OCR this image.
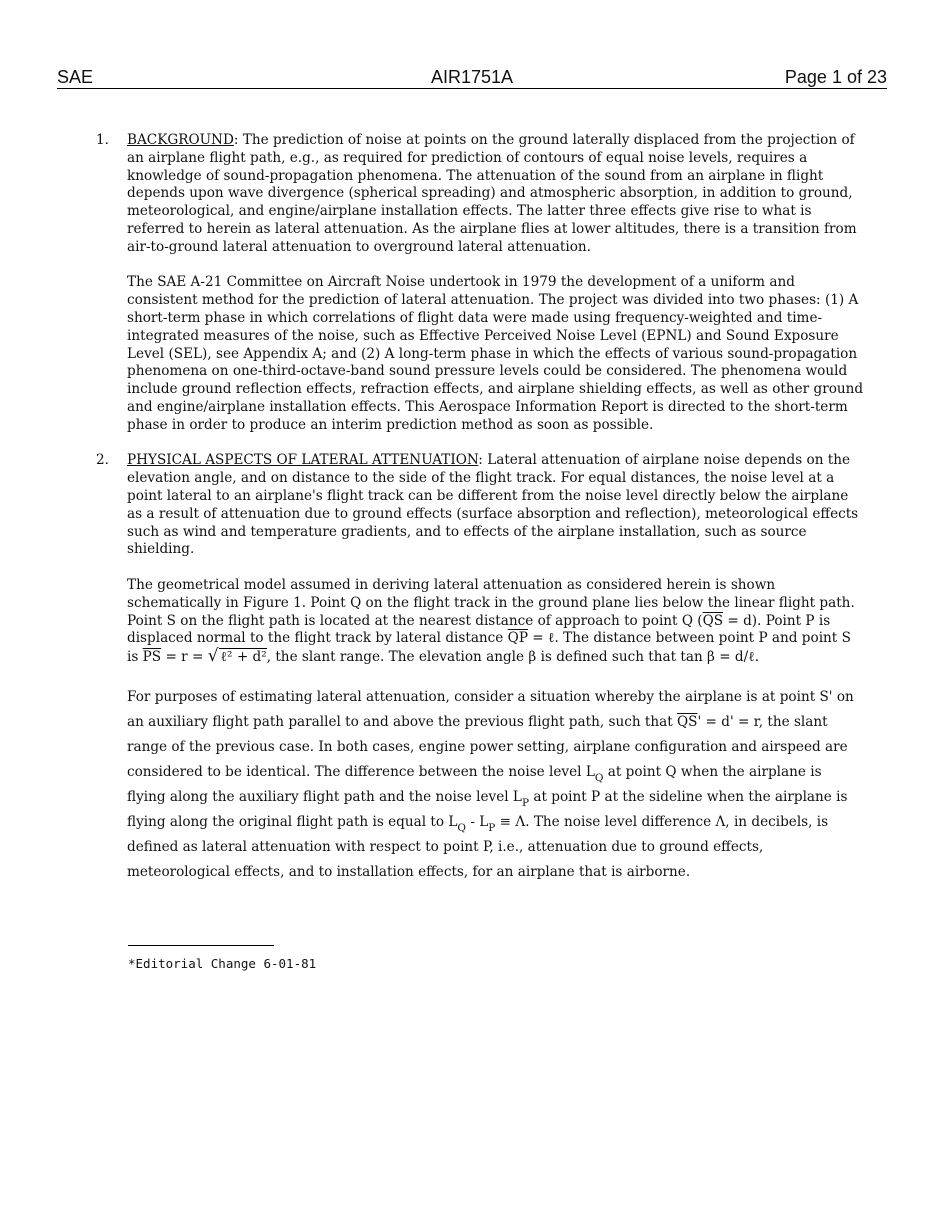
SAE	AIR1751A	Page 1 of 23
1. BACKGROUND: The prediction of noise at points on the ground laterally displaced from the projection of an airplane flight path, e.g., as required for prediction of contours of equal noise levels, requires a knowledge of sound-propagation phenomena. The attenuation of the sound from an airplane in flight depends upon wave divergence (spherical spreading) and atmospheric absorption, in addition to ground, meteorological, and engine/airplane installation effects. The latter three effects give rise to what is referred to herein as lateral attenuation. As the airplane flies at lower altitudes, there is a transition from air-to-ground lateral attenuation to overground lateral attenuation.

The SAE A-21 Committee on Aircraft Noise undertook in 1979 the development of a uniform and consistent method for the prediction of lateral attenuation. The project was divided into two phases: (1) A short-term phase in which correlations of flight data were made using frequency-weighted and time-integrated measures of the noise, such as Effective Perceived Noise Level (EPNL) and Sound Exposure Level (SEL), see Appendix A; and (2) A long-term phase in which the effects of various sound-propagation phenomena on one-third-octave-band sound pressure levels could be considered. The phenomena would include ground reflection effects, refraction effects, and airplane shielding effects, as well as other ground and engine/airplane installation effects. This Aerospace Information Report is directed to the short-term phase in order to produce an interim prediction method as soon as possible.

2. PHYSICAL ASPECTS OF LATERAL ATTENUATION: Lateral attenuation of airplane noise depends on the elevation angle, and on distance to the side of the flight track. For equal distances, the noise level at a point lateral to an airplane's flight track can be different from the noise level directly below the airplane as a result of attenuation due to ground effects (surface absorption and reflection), meteorological effects such as wind and temperature gradients, and to effects of the airplane installation, such as source shielding.

The geometrical model assumed in deriving lateral attenuation as considered herein is shown schematically in Figure 1. Point Q on the flight track in the ground plane lies below the linear flight path. Point S on the flight path is located at the nearest distance of approach to point Q $(\overline{QS} = d)$. Point P is displaced normal to the flight track by lateral distance $\overline{QP}$ = ℓ. The distance between point P and point S is $\overline{PS} = r$ = √ ℓ² + d², the slant range. The elevation angle β is defined such that tan β = d/ℓ.

For purposes of estimating lateral attenuation, consider a situation whereby the airplane is at point S' on an auxiliary flight path parallel to and above the previous flight path, such that $\overline{QS}' = d' = r$, the slant range of the previous case. In both cases, engine power setting, airplane configuration and airspeed are considered to be identical. The difference between the noise level $L_Q$ at point Q when the airplane is flying along the auxiliary flight path and the noise level $L_P$ at point P at the sideline when the airplane is flying along the original flight path is equal to $L_Q - L_P \equiv \Lambda$. The noise level difference Λ, in decibels, is defined as lateral attenuation with respect to point P, i.e., attenuation due to ground effects, meteorological effects, and to installation effects, for an airplane that is airborne.

*Editorial Change 6-01-81
